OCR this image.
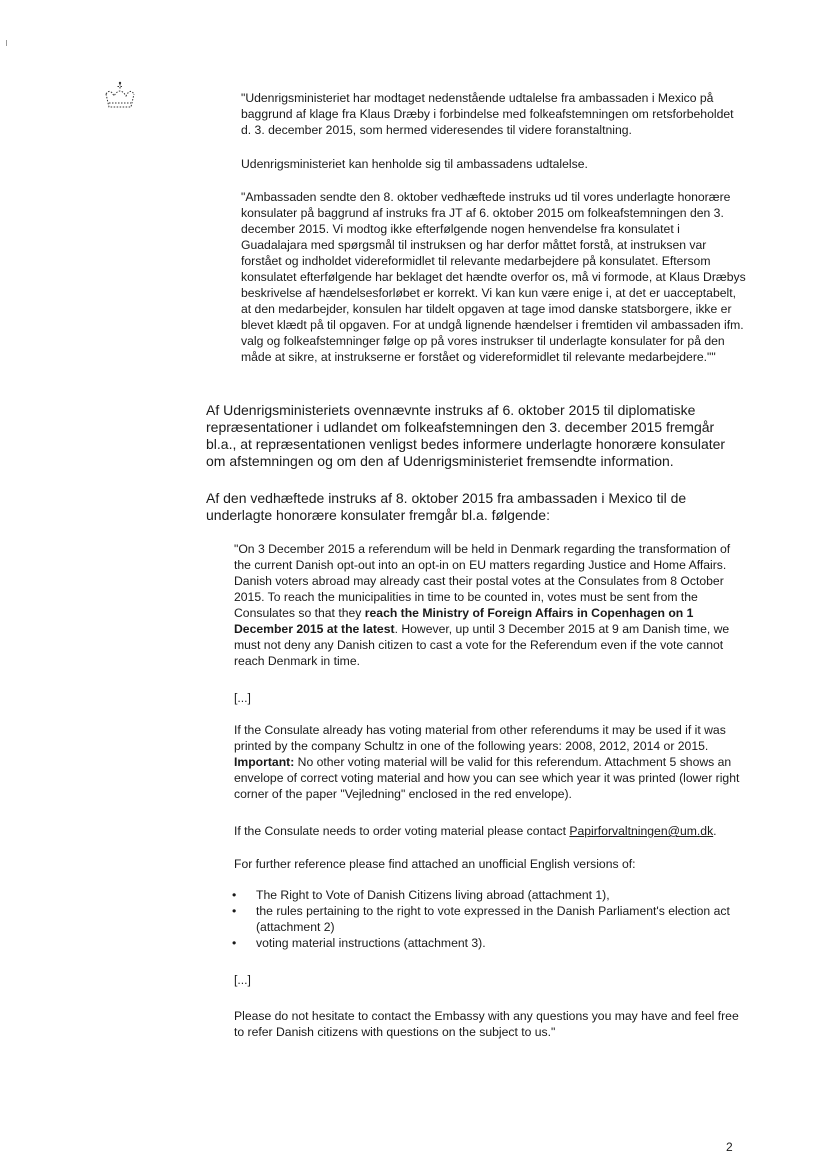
"Udenrigsministeriet har modtaget nedenstående udtalelse fra ambassaden i Mexico på baggrund af klage fra Klaus Dræby i forbindelse med folkeafstemningen om retsforbeholdet d. 3. december 2015, som hermed videresendes til videre foranstaltning.

Udenrigsministeriet kan henholde sig til ambassadens udtalelse.

"Ambassaden sendte den 8. oktober vedhæftede instruks ud til vores underlagte honorære konsulater på baggrund af instruks fra JT af 6. oktober 2015 om folkeafstemningen den 3. december 2015. Vi modtog ikke efterfølgende nogen henvendelse fra konsulatet i Guadalajara med spørgsmål til instruksen og har derfor måttet forstå, at instruksen var forstået og indholdet videreformidlet til relevante medarbejdere på konsulatet. Eftersom konsulatet efterfølgende har beklaget det hændte overfor os, må vi formode, at Klaus Dræbys beskrivelse af hændelsesforløbet er korrekt. Vi kan kun være enige i, at det er uacceptabelt, at den medarbejder, konsulen har tildelt opgaven at tage imod danske statsborgere, ikke er blevet klædt på til opgaven. For at undgå lignende hændelser i fremtiden vil ambassaden ifm. valg og folkeafstemninger følge op på vores instrukser til underlagte konsulater for på den måde at sikre, at instrukserne er forstået og videreformidlet til relevante medarbejdere.""

Af Udenrigsministeriets ovennævnte instruks af 6. oktober 2015 til diplomatiske repræsentationer i udlandet om folkeafstemningen den 3. december 2015 fremgår bl.a., at repræsentationen venligst bedes informere underlagte honorære konsulater om afstemningen og om den af Udenrigsministeriet fremsendte information.

Af den vedhæftede instruks af 8. oktober 2015 fra ambassaden i Mexico til de underlagte honorære konsulater fremgår bl.a. følgende:

"On 3 December 2015 a referendum will be held in Denmark regarding the transformation of the current Danish opt-out into an opt-in on EU matters regarding Justice and Home Affairs. Danish voters abroad may already cast their postal votes at the Consulates from 8 October 2015. To reach the municipalities in time to be counted in, votes must be sent from the Consulates so that they reach the Ministry of Foreign Affairs in Copenhagen on 1 December 2015 at the latest. However, up until 3 December 2015 at 9 am Danish time, we must not deny any Danish citizen to cast a vote for the Referendum even if the vote cannot reach Denmark in time.

[...]

If the Consulate already has voting material from other referendums it may be used if it was printed by the company Schultz in one of the following years: 2008, 2012, 2014 or 2015. Important: No other voting material will be valid for this referendum. Attachment 5 shows an envelope of correct voting material and how you can see which year it was printed (lower right corner of the paper "Vejledning" enclosed in the red envelope).

If the Consulate needs to order voting material please contact Papirforvaltningen@um.dk.

For further reference please find attached an unofficial English versions of:

• The Right to Vote of Danish Citizens living abroad (attachment 1),
• the rules pertaining to the right to vote expressed in the Danish Parliament's election act (attachment 2)
• voting material instructions (attachment 3).

[...]

Please do not hesitate to contact the Embassy with any questions you may have and feel free to refer Danish citizens with questions on the subject to us."

2
